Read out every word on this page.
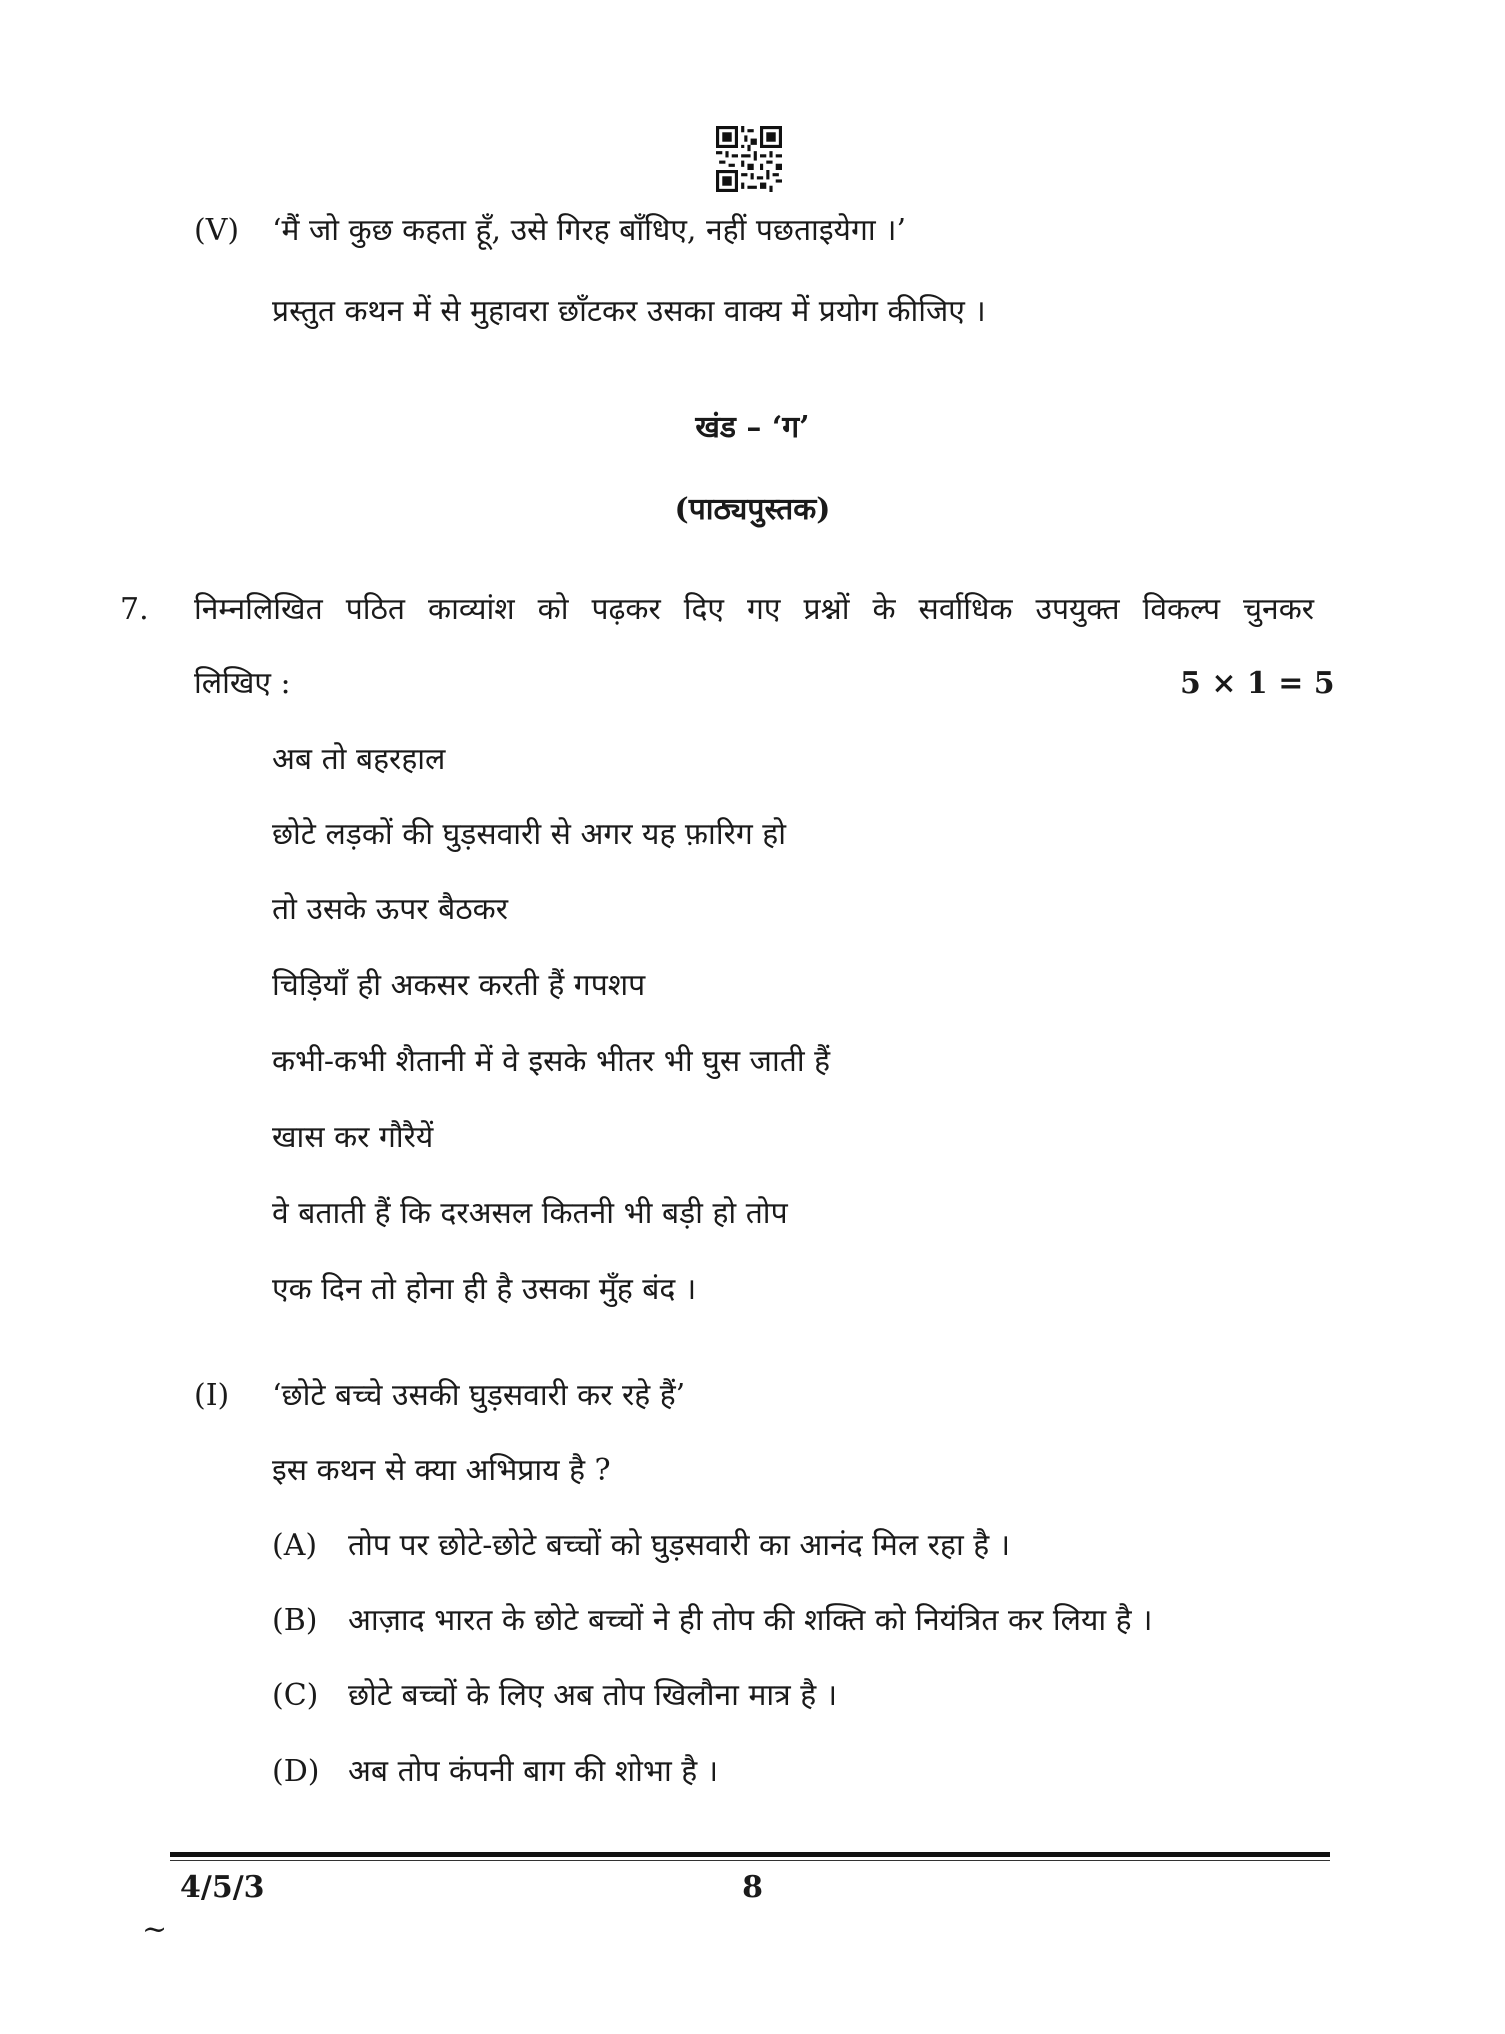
(V) ‘मैं जो कुछ कहता हूँ, उसे गिरह बाँधिए, नहीं पछताइयेगा ।’
प्रस्तुत कथन में से मुहावरा छाँटकर उसका वाक्य में प्रयोग कीजिए ।
खंड – ‘ग’
(पाठ्यपुस्तक)
7. निम्नलिखित पठित काव्यांश को पढ़कर दिए गए प्रश्नों के सर्वाधिक उपयुक्त विकल्प चुनकर
लिखिए :	5 × 1 = 5
अब तो बहरहाल
छोटे लड़कों की घुड़सवारी से अगर यह फ़ारिग हो
तो उसके ऊपर बैठकर
चिड़ियाँ ही अकसर करती हैं गपशप
कभी-कभी शैतानी में वे इसके भीतर भी घुस जाती हैं
खास कर गौरैयें
वे बताती हैं कि दरअसल कितनी भी बड़ी हो तोप
एक दिन तो होना ही है उसका मुँह बंद ।
(I) ‘छोटे बच्चे उसकी घुड़सवारी कर रहे हैं’
इस कथन से क्या अभिप्राय है ?
(A) तोप पर छोटे-छोटे बच्चों को घुड़सवारी का आनंद मिल रहा है ।
(B) आज़ाद भारत के छोटे बच्चों ने ही तोप की शक्ति को नियंत्रित कर लिया है ।
(C) छोटे बच्चों के लिए अब तोप खिलौना मात्र है ।
(D) अब तोप कंपनी बाग की शोभा है ।
4/5/3	8
~
